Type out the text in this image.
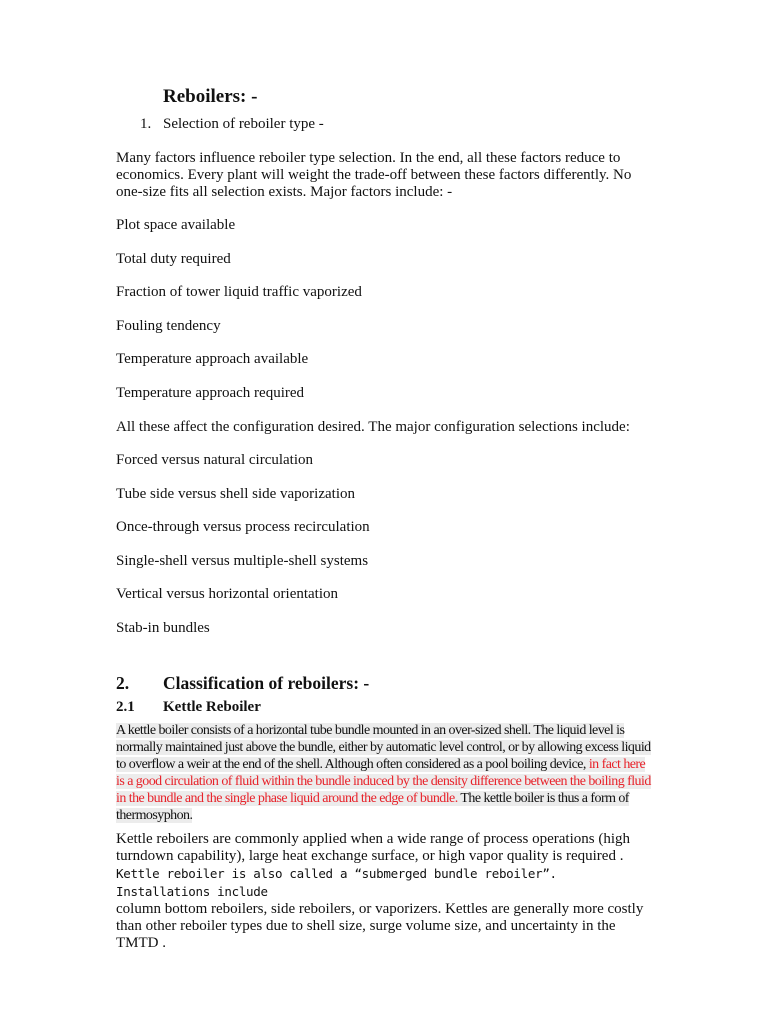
Reboilers: -
1. Selection of reboiler type -

Many factors influence reboiler type selection. In the end, all these factors reduce to economics. Every plant will weight the trade-off between these factors differently. No one-size fits all selection exists. Major factors include: -

Plot space available
Total duty required
Fraction of tower liquid traffic vaporized
Fouling tendency
Temperature approach available
Temperature approach required
All these affect the configuration desired. The major configuration selections include:
Forced versus natural circulation
Tube side versus shell side vaporization
Once-through versus process recirculation
Single-shell versus multiple-shell systems
Vertical versus horizontal orientation
Stab-in bundles
2. Classification of reboilers: -
2.1 Kettle Reboiler

A kettle boiler consists of a horizontal tube bundle mounted in an over-sized shell. The liquid level is normally maintained just above the bundle, either by automatic level control, or by allowing excess liquid to overflow a weir at the end of the shell. Although often considered as a pool boiling device, in fact here is a good circulation of fluid within the bundle induced by the density difference between the boiling fluid in the bundle and the single phase liquid around the edge of bundle. The kettle boiler is thus a form of thermosyphon.

Kettle reboilers are commonly applied when a wide range of process operations (high turndown capability), large heat exchange surface, or high vapor quality is required .
Kettle reboiler is also called a “submerged bundle reboiler”. Installations include
column bottom reboilers, side reboilers, or vaporizers. Kettles are generally more costly than other reboiler types due to shell size, surge volume size, and uncertainty in the TMTD .
